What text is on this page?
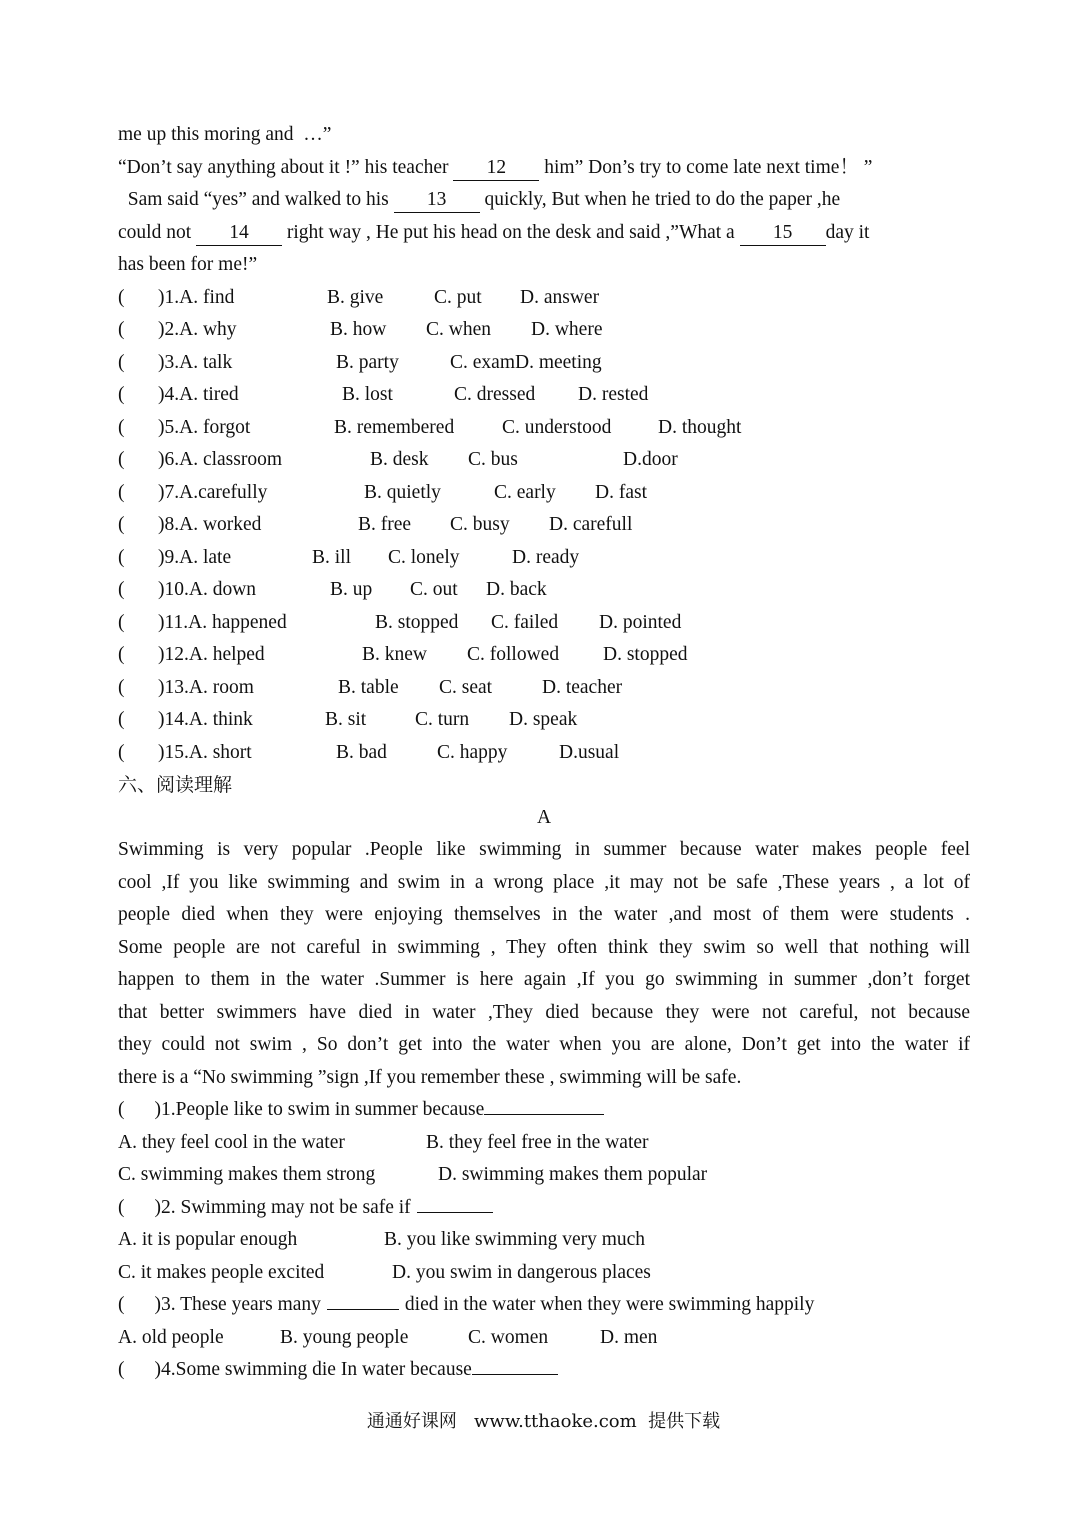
me up this moring and  …”
“Don’t say anything about it !” his teacher 12 him” Don’s try to come late next time！ ”
Sam said “yes” and walked to his 13 quickly, But when he tried to do the paper ,he
could not 14 right way , He put his head on the desk and said ,”What a 15 day it
has been for me!”
(	)1.A. find	B. give	C. put	D. answer
(	)2.A. why	B. how	C. when	D. where
(	)3.A. talk	B. party	C. exam D. meeting
(	)4.A. tired	B. lost	C. dressed	D. rested
(	)5.A. forgot	B. remembered	C. understood	D. thought
(	)6.A. classroom	B. desk	C. bus	D.door
(	)7.A.carefully	B. quietly	C. early	D. fast
(	)8.A. worked	B. free	C. busy	D. carefull
(	)9.A. late	B. ill	C. lonely	D. ready
(	)10.A. down	B. up	C. out	D. back
(	)11.A. happened	B. stopped	C. failed	D. pointed
(	)12.A. helped	B. knew	C. followed	D. stopped
(	)13.A. room	B. table	C. seat	D. teacher
(	)14.A. think	B. sit	C. turn	D. speak
(	)15.A. short	B. bad	C. happy	D.usual
六、阅读理解
A
Swimming is very popular .People like swimming in summer because water makes people feel
cool ,If you like swimming and swim in a wrong place ,it may not be safe ,These years , a lot of
people died when they were enjoying themselves in the water ,and most of them were students .
Some people are not careful in swimming , They often think they swim so well that nothing will
happen to them in the water .Summer is here again ,If you go swimming in summer ,don’t forget
that better swimmers have died in water ,They died because they were not careful, not because
they could not swim , So don’t get into the water when you are alone, Don’t get into the water if
there is a “No swimming ”sign ,If you remember these , swimming will be safe.
( )1.People like to swim in summer because
A. they feel cool in the water	B. they feel free in the water
C. swimming makes them strong	D. swimming makes them popular
( )2. Swimming may not be safe if
A. it is popular enough	B. you like swimming very much
C. it makes people excited	D. you swim in dangerous places
( )3. These years many	died in the water when they were swimming happily
A. old people	B. young people	C. women	D. men
( )4.Some swimming die In water because
通通好课网   www.tthaoke.com  提供下载
